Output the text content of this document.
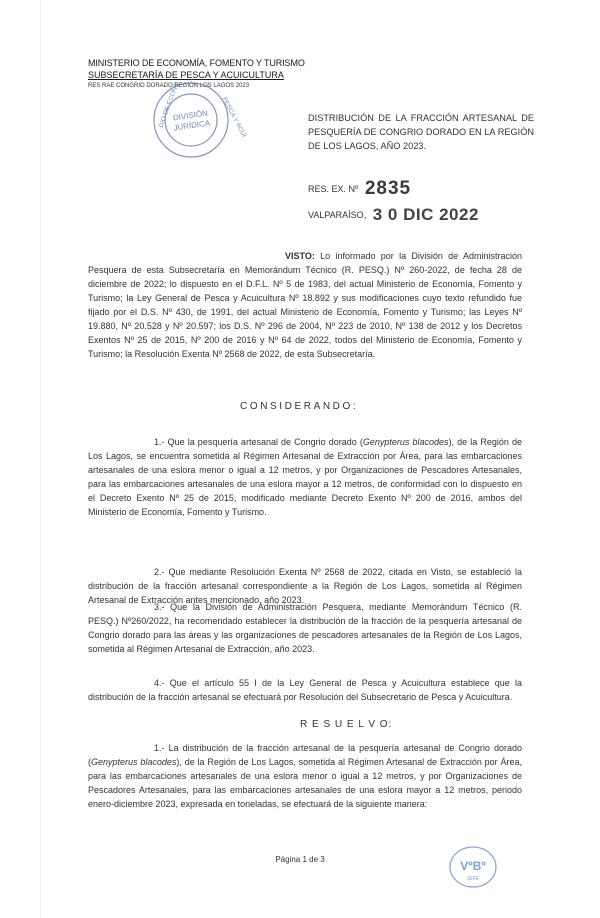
MINISTERIO DE ECONOMÍA, FOMENTO Y TURISMO
SUBSECRETARÍA DE PESCA Y ACUICULTURA
RES RAE CONGRIO DORADO REGIÓN LOS LAGOS 2023
DIO DE ECONO	PESCA Y ACUI
DIVISIÓN
JURÍDICA
DISTRIBUCIÓN DE LA FRACCIÓN ARTESANAL DE PESQUERÍA DE CONGRIO DORADO EN LA REGIÓN DE LOS LAGOS, AÑO 2023.
RES. EX. Nº 2835
VALPARAÍSO, 3 0 DIC 2022
VISTO: Lo informado por la División de Administración Pesquera de esta Subsecretaría en Memorándum Técnico (R. PESQ.) Nº 260-2022, de fecha 28 de diciembre de 2022; lo dispuesto en el D.F.L. Nº 5 de 1983, del actual Ministerio de Economía, Fomento y Turismo; la Ley General de Pesca y Acuicultura Nº 18.892 y sus modificaciones cuyo texto refundido fue fijado por el D.S. Nº 430, de 1991, del actual Ministerio de Economía, Fomento y Turismo; las Leyes Nº 19.880, Nº 20.528 y Nº 20.597; los D.S. Nº 296 de 2004, Nº 223 de 2010, Nº 138 de 2012 y los Decretos Exentos Nº 25 de 2015, Nº 200 de 2016 y Nº 64 de 2022, todos del Ministerio de Economía, Fomento y Turismo; la Resolución Exenta Nº 2568 de 2022, de esta Subsecretaría.
CONSIDERANDO:
1.- Que la pesquería artesanal de Congrio dorado (Genypterus blacodes), de la Región de Los Lagos, se encuentra sometida al Régimen Artesanal de Extracción por Área, para las embarcaciones artesanales de una eslora menor o igual a 12 metros, y por Organizaciones de Pescadores Artesanales, para las embarcaciones artesanales de una eslora mayor a 12 metros, de conformidad con lo dispuesto en el Decreto Exento Nº 25 de 2015, modificado mediante Decreto Exento Nº 200 de 2016, ambos del Ministerio de Economía, Fomento y Turismo.
2.- Que mediante Resolución Exenta Nº 2568 de 2022, citada en Visto, se estableció la distribución de la fracción artesanal correspondiente a la Región de Los Lagos, sometida al Régimen Artesanal de Extracción antes mencionado, año 2023.
3.- Que la División de Administración Pesquera, mediante Memorándum Técnico (R. PESQ.) Nº260/2022, ha recomendado establecer la distribución de la fracción de la pesquería artesanal de Congrio dorado para las áreas y las organizaciones de pescadores artesanales de la Región de Los Lagos, sometida al Régimen Artesanal de Extracción, año 2023.
4.- Que el artículo 55 I de la Ley General de Pesca y Acuicultura establece que la distribución de la fracción artesanal se efectuará por Resolución del Subsecretario de Pesca y Acuicultura.
R E S U E L V O:
1.- La distribución de la fracción artesanal de la pesquería artesanal de Congrio dorado (Genypterus blacodes), de la Región de Los Lagos, sometida al Régimen Artesanal de Extracción por Área, para las embarcaciones artesanales de una eslora menor o igual a 12 metros, y por Organizaciones de Pescadores Artesanales, para las embarcaciones artesanales de una eslora mayor a 12 metros, periodo enero-diciembre 2023, expresada en toneladas, se efectuará de la siguiente manera:
Página 1 de 3	VºBº
JEFE
